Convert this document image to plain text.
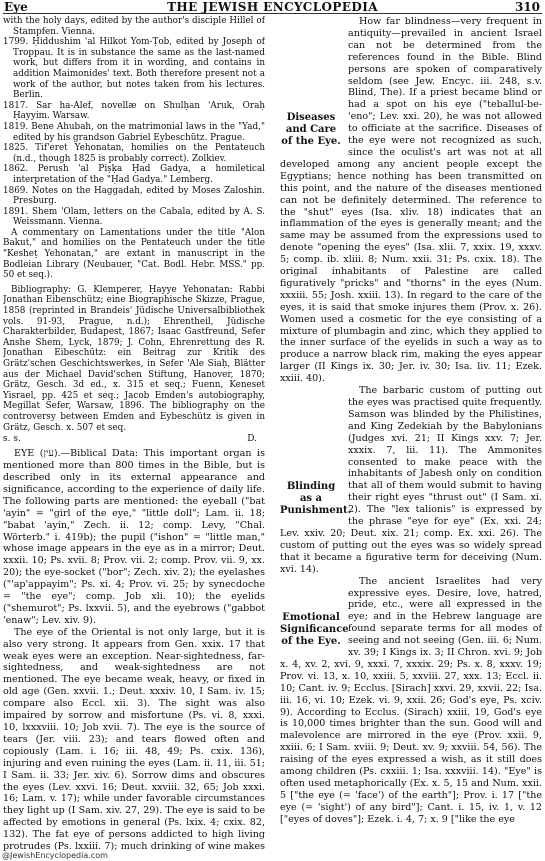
Eye	THE JEWISH ENCYCLOPEDIA	310

with the holy days, edited by the author's disciple Hillel of Stampfen. Vienna.

1799. Ḥiddushim 'al Hilkot Yom-Ṭob, edited by Joseph of Troppau. It is in substance the same as the last-named work, but differs from it in wording, and contains in addition Maimonides' text. Both therefore present not a work of the author, but notes taken from his lectures. Berlin.

1817. Sar ha-Alef, novellæ on Shulḥan 'Aruk, Oraḥ Ḥayyim. Warsaw.

1819. Bene Ahubah, on the matrimonial laws in the "Yad," edited by his grandson Gabriel Eybeschütz. Prague.

1825. Tif'eret Yehonatan, homilies on the Pentateuch (n.d., though 1825 is probably correct). Zolkiev.

1862. Perush 'al Piṣḳa Ḥad Gadya, a homiletical interpretation of the "Ḥad Gadya." Lemberg.

1869. Notes on the Haggadah, edited by Moses Zaloshin. Presburg.

1891. Shem 'Olam, letters on the Cabala, edited by A. S. Weissmann. Vienna.

A commentary on Lamentations under the title "Alon Bakut," and homilies on the Pentateuch under the title "Kesheṭ Yehonatan," are extant in manuscript in the Bodleian Library (Neubauer, "Cat. Bodl. Hebr. MSS." pp. 50 et seq.).

Bibliography: G. Klemperer, Ḥayye Yehonatan: Rabbi Jonathan Eibenschütz; eine Biographische Skizze, Prague, 1858 (reprinted in Brandeis' Jüdische Universalbibliothek vols. 91-93, Prague, n.d.); Ehrentheil, Jüdische Charakterbilder, Budapest, 1867; Isaac Gastfreund, Sefer Anshe Shem, Lyck, 1879; J. Cohn, Ehrenrettung des R. Jonathan Eibeschütz: ein Beitrag zur Kritik des Grätz'schen Geschichtswerkes, in Sefer 'Ale Siaḥ, Blätter aus der Michael David'schen Stiftung, Hanover, 1870; Grätz, Gesch. 3d ed., x. 315 et seq.; Fuenn, Keneset Yisrael, pp. 425 et seq.; Jacob Emden's autobiography, Megillat Sefer, Warsaw, 1896. The bibliography on the controversy between Emden and Eybeschütz is given in Grätz, Gesch. x. 507 et seq.

s. s.	D.

EYE (עין).—Biblical Data: This important organ is mentioned more than 800 times in the Bible, but is described only in its external appearance and significance, according to the experience of daily life. The following parts are mentioned: the eyeball ("bat 'ayin" = "girl of the eye," "little doll"; Lam. ii. 18; "babat 'ayin," Zech. ii. 12; comp. Levy, "Chal. Wörterb." i. 419b); the pupil ("ishon" = "little man," whose image appears in the eye as in a mirror; Deut. xxxii. 10; Ps. xvii. 8; Prov. vii. 2; comp. Prov. vii. 9, xx. 20); the eye-socket ("bor"; Zech. xiv. 2); the eyelashes ("'ap'appayim"; Ps. xi. 4; Prov. vi. 25; by synecdoche = "the eye"; comp. Job xli. 10); the eyelids ("shemurot"; Ps. lxxvii. 5), and the eyebrows ("gabbot 'enaw"; Lev. xiv. 9).

The eye of the Oriental is not only large, but it is also very strong. It appears from Gen. xxix. 17 that weak eyes were an exception. Near-sightedness, far-sightedness, and weak-sightedness are not mentioned. The eye became weak, heavy, or fixed in old age (Gen. xxvii. 1.; Deut. xxxiv. 10, I Sam. iv. 15; compare also Eccl. xii. 3). The sight was also impaired by sorrow and misfortune (Ps. vi. 8, xxxi. 10, lxxxviii. 10; Job xvii. 7). The eye is the source of tears (Jer. viii. 23); and tears flowed often and copiously (Lam. i. 16; iii. 48, 49; Ps. cxix. 136), injuring and even ruining the eyes (Lam. ii. 11, iii. 51; I Sam. ii. 33; Jer. xiv. 6). Sorrow dims and obscures the eyes (Lev. xxvi. 16; Deut. xxviii. 32, 65; Job xxxi. 16; Lam. v. 17); while under favorable circumstances they light up (I Sam. xiv. 27, 29). The eye is said to be affected by emotions in general (Ps. lxix. 4; cxix. 82, 132). The fat eye of persons addicted to high living protrudes (Ps. lxxiii. 7); much drinking of wine makes

Diseases and Care of the Eye.

How far blindness—very frequent in antiquity—prevailed in ancient Israel can not be determined from the references found in the Bible. Blind persons are spoken of comparatively seldom (see Jew. Encyc. iii. 248, s.v. Blind, The). If a priest became blind or had a spot on his eye ("teballul-be-'eno"; Lev. xxi. 20), he was not allowed to officiate at the sacrifice. Diseases of the eye were not recognized as such, since the oculist's art was not at all developed among any ancient people except the Egyptians; hence nothing has been transmitted on this point, and the nature of the diseases mentioned can not be definitely determined. The reference to the "shut" eyes (Isa. xliv. 18) indicates that an inflammation of the eyes is generally meant; and the same may be assumed from the expressions used to denote "opening the eyes" (Isa. xlii. 7, xxix. 19, xxxv. 5; comp. ib. xliii. 8; Num. xxii. 31; Ps. cxix. 18). The original inhabitants of Palestine are called figuratively "pricks" and "thorns" in the eyes (Num. xxxiii. 55; Josh. xxiii. 13). In regard to the care of the eyes, it is said that smoke injures them (Prov. x. 26). Women used a cosmetic for the eye consisting of a mixture of plumbagin and zinc, which they applied to the inner surface of the eyelids in such a way as to produce a narrow black rim, making the eyes appear larger (II Kings ix. 30; Jer. iv. 30; Isa. liv. 11; Ezek. xxiii. 40).

Blinding as a Punishment.

The barbaric custom of putting out the eyes was practised quite frequently. Samson was blinded by the Philistines, and King Zedekiah by the Babylonians (Judges xvi. 21; II Kings xxv. 7; Jer. xxxix. 7, lii. 11). The Ammonites consented to make peace with the inhabitants of Jabesh only on condition that all of them would submit to having their right eyes "thrust out" (I Sam. xi. 2). The "lex talionis" is expressed by the phrase "eye for eye" (Ex. xxi. 24; Lev. xxiv. 20; Deut. xix. 21; comp. Ex. xxi. 26). The custom of putting out the eyes was so widely spread that it became a figurative term for deceiving (Num. xvi. 14).

Emotional Significance of the Eye.

The ancient Israelites had very expressive eyes. Desire, love, hatred, pride, etc., were all expressed in the eye; and in the Hebrew language are found separate terms for all modes of seeing and not seeing (Gen. iii. 6; Num. xv. 39; I Kings ix. 3; II Chron. xvi. 9; Job x. 4, xv. 2, xvi. 9, xxxi. 7, xxxix. 29; Ps. x. 8, xxxv. 19; Prov. vi. 13, x. 10, xxiii. 5, xxviii. 27, xxx. 13; Eccl. ii. 10; Cant. iv. 9; Ecclus. [Sirach] xxvi. 29, xxvii. 22; Isa. iii. 16, vi. 10; Ezek. vi. 9, xxii. 26; God's eye, Ps. xciv. 9). According to Ecclus. (Sirach) xxiii. 19, God's eye is 10,000 times brighter than the sun. Good will and malevolence are mirrored in the eye (Prov. xxii. 9, xxiii. 6; I Sam. xviii. 9; Deut. xv. 9; xxviii. 54, 56). The raising of the eyes expressed a wish, as it still does among children (Ps. cxxiii. 1; Isa. xxxviii. 14). "Eye" is often used metaphorically (Ex. x. 5, 15 and Num. xxii. 5 ["the eye (= 'face') of the earth"]; Prov. i. 17 ["the eye (= 'sight') of any bird"]; Cant. i. 15, iv. 1, v. 12 ["eyes of doves"]; Ezek. i. 4, 7; x. 9 ["like the eye

@JewishEncyclopedia.com
